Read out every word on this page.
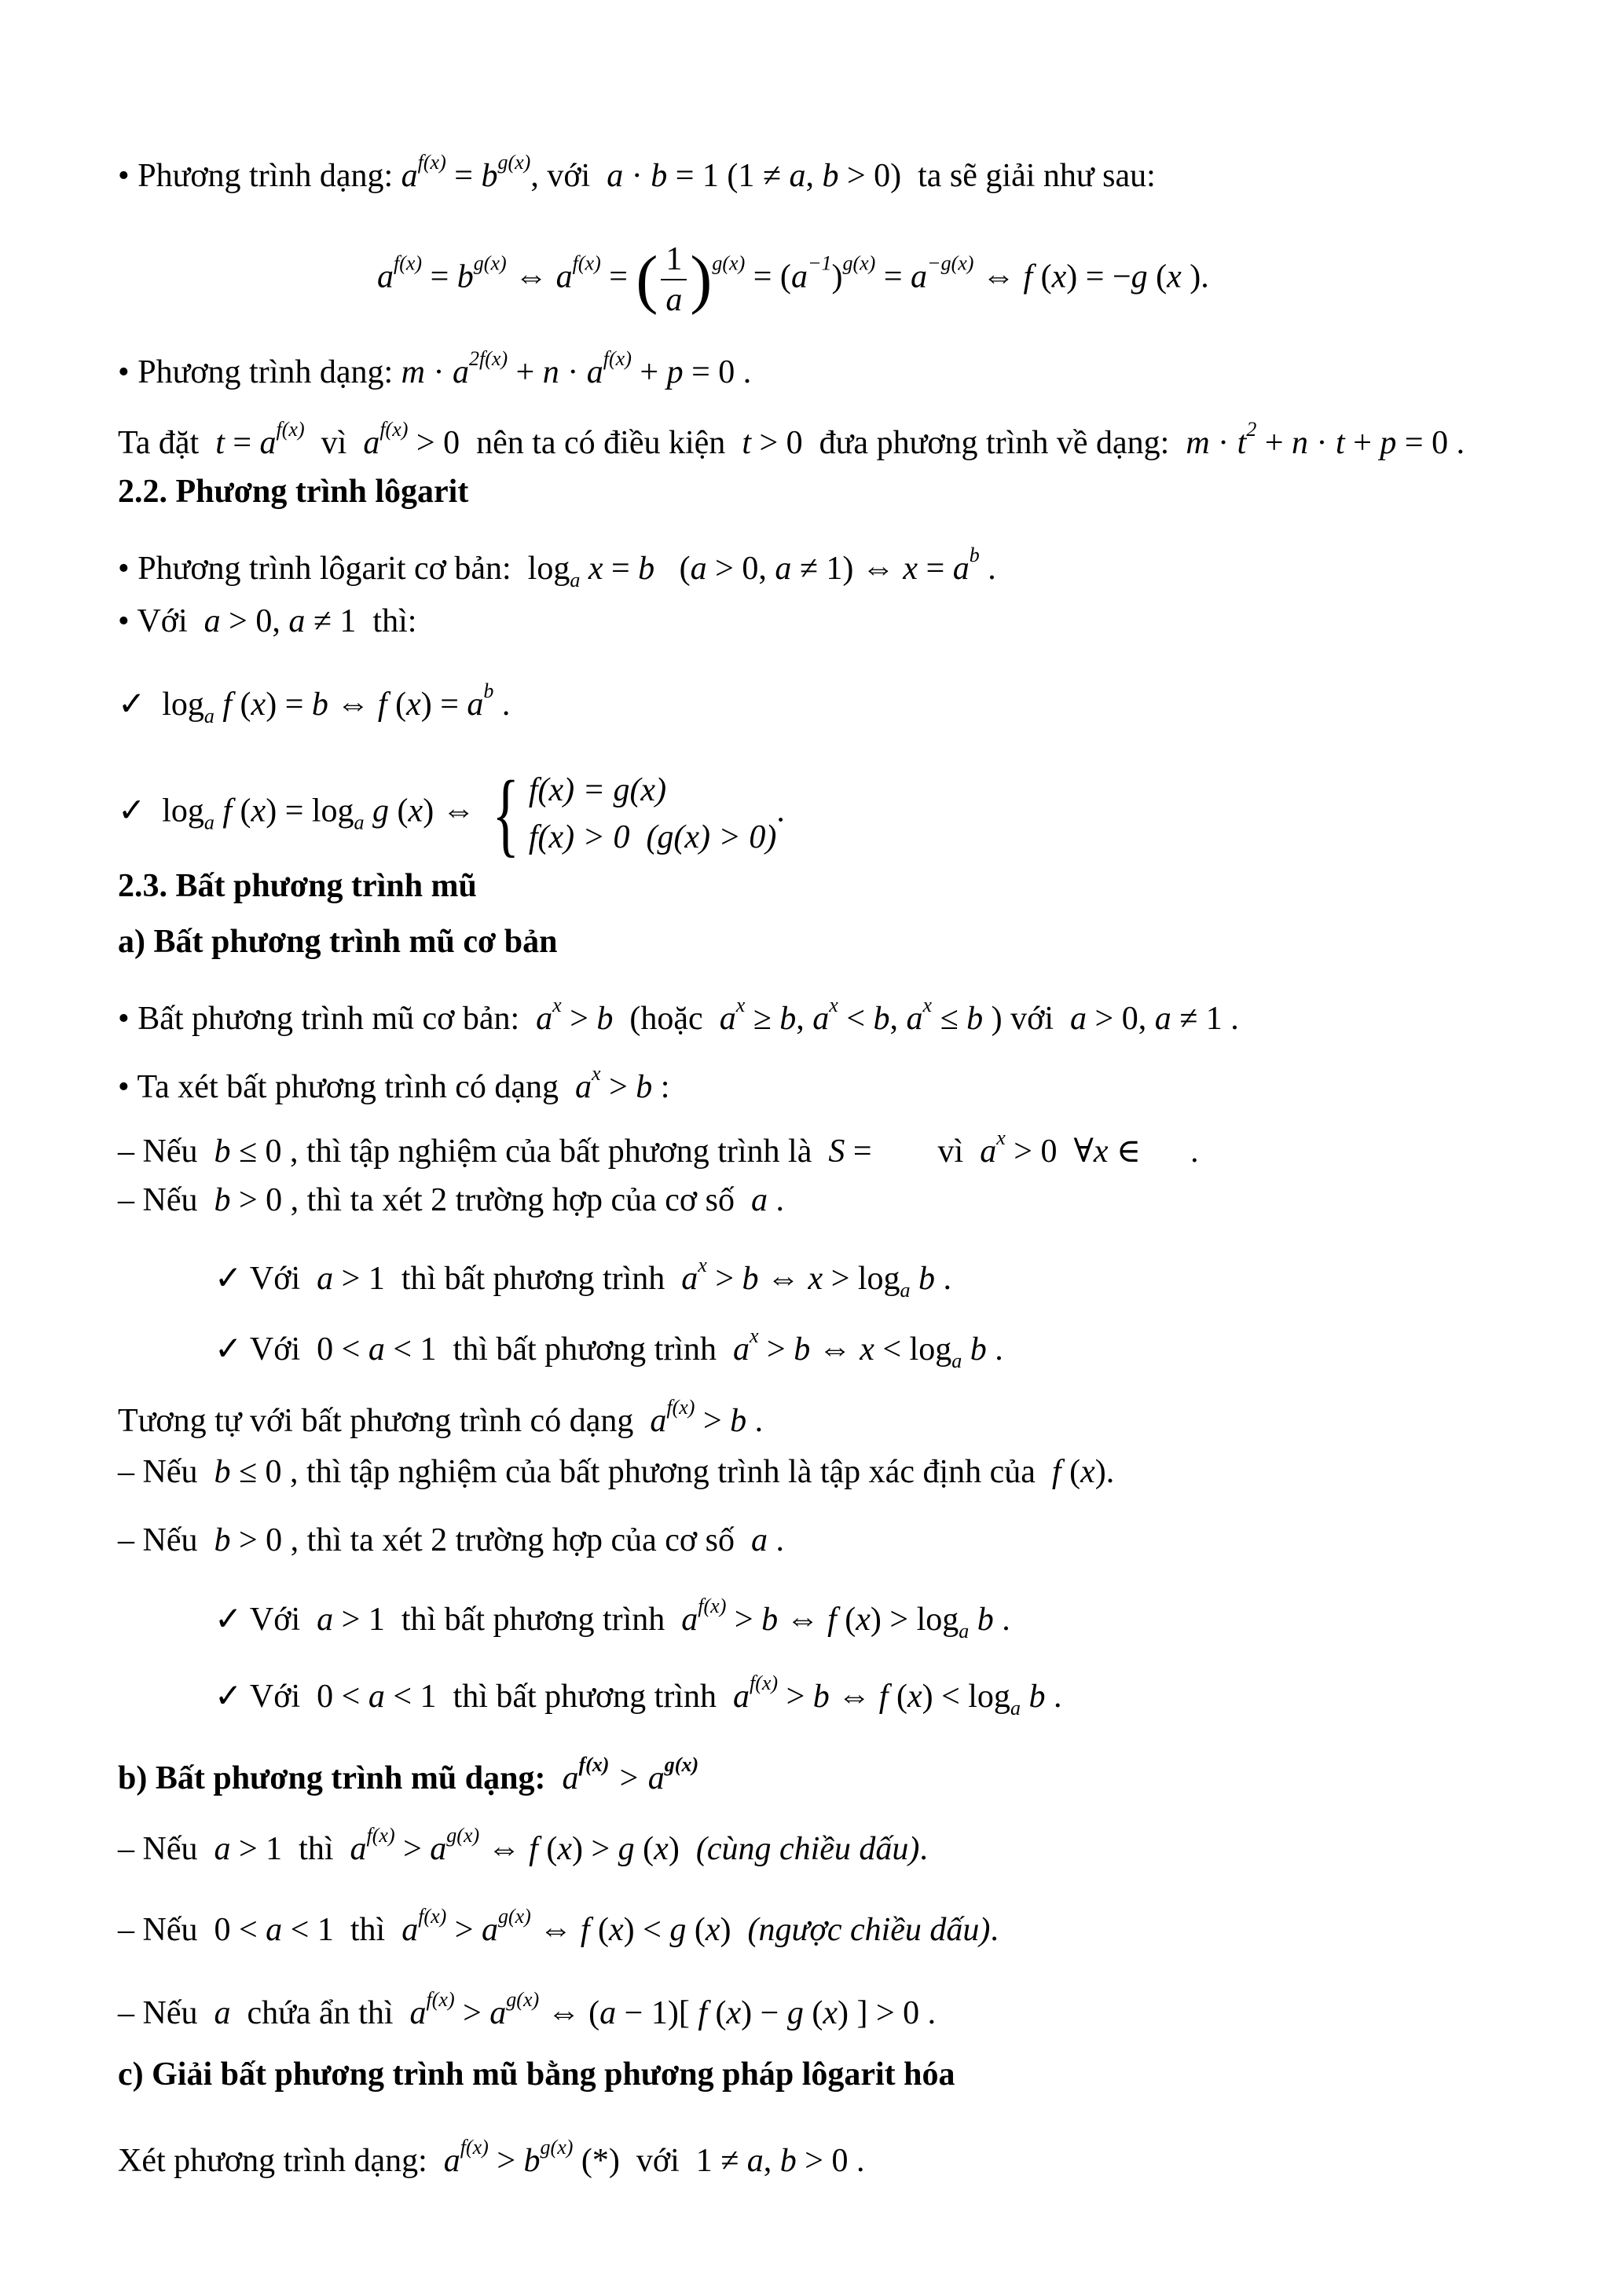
• Phương trình dạng: $a^{f(x)} = b^{g(x)}$, với  a · b = 1 (1 ≠ a, b > 0)  ta sẽ giải như sau:
$a^{f(x)} = b^{g(x)}$ ⇔ $a^{f(x)}$ = ( $\frac{1}{a} )^{g(x)} = (a^{-1})^{g(x)} = a^{-g(x)}$ ⇔ f (x) = −g (x ).
• Phương trình dạng: $m \cdot a^{2f(x)} + n \cdot a^{f(x)} + p = 0$ .
Ta đặt  $t = a^{f(x)}$  vì  $a^{f(x)} > 0$  nên ta có điều kiện  t > 0  đưa phương trình về dạng:  $m \cdot t^2 + n \cdot t + p = 0$ .
2.2. Phương trình lôgarit
• Phương trình lôgarit cơ bản:  $\log_a x = b$   (a > 0, a ≠ 1) ⇔ $x = a^b$ .
• Với  a > 0, a ≠ 1  thì:
✓  $\log_a f$ (x) = b ⇔ f $(x) = a^b$ .
✓  $\log_a f$ $(x) = \log_a g$ (x) ⇔ { f(x) = g(x)
f(x) > 0  (g(x) > 0)
.
2.3. Bất phương trình mũ
a) Bất phương trình mũ cơ bản
• Bất phương trình mũ cơ bản:  $a^x > b$  (hoặc  $a^x \ge b$, $a^x < b$, $a^x \le b$ ) với  a > 0, a ≠ 1 .
• Ta xét bất phương trình có dạng  $a^x > b$ :
– Nếu  b ≤ 0 , thì tập nghiệm của bất phương trình là  S =        vì  $a^x > 0$  ∀x ∈      .
– Nếu  b > 0 , thì ta xét 2 trường hợp của cơ số  a .
✓ Với  a > 1  thì bất phương trình  $a^x > b$ ⇔ $x > \log_a b$ .
✓ Với  0 < a < 1  thì bất phương trình  $a^x > b$ ⇔ $x < \log_a b$ .
Tương tự với bất phương trình có dạng  $a^{f(x)} > b$ .
– Nếu  b ≤ 0 , thì tập nghiệm của bất phương trình là tập xác định của  f (x).
– Nếu  b > 0 , thì ta xét 2 trường hợp của cơ số  a .
✓ Với  a > 1  thì bất phương trình  $a^{f(x)} > b$ ⇔ f $(x) > \log_a b$ .
✓ Với  0 < a < 1  thì bất phương trình  $a^{f(x)} > b$ ⇔ f $(x) < \log_a b$ .
b) Bất phương trình mũ dạng:  $a^{f(x)} > a^{g(x)}$
– Nếu  a > 1  thì  $a^{f(x)} > a^{g(x)}$ ⇔ f (x) > g (x)  (cùng chiều dấu).
– Nếu  0 < a < 1  thì  $a^{f(x)} > a^{g(x)}$ ⇔ f (x) < g (x)  (ngược chiều dấu).
– Nếu  a  chứa ẩn thì  $a^{f(x)} > a^{g(x)}$ ⇔ (a − 1)[ f (x) − g (x) ] > 0 .
c) Giải bất phương trình mũ bằng phương pháp lôgarit hóa
Xét phương trình dạng:  $a^{f(x)} > b^{g(x)}$ (*)  với  1 ≠ a, b > 0 .
